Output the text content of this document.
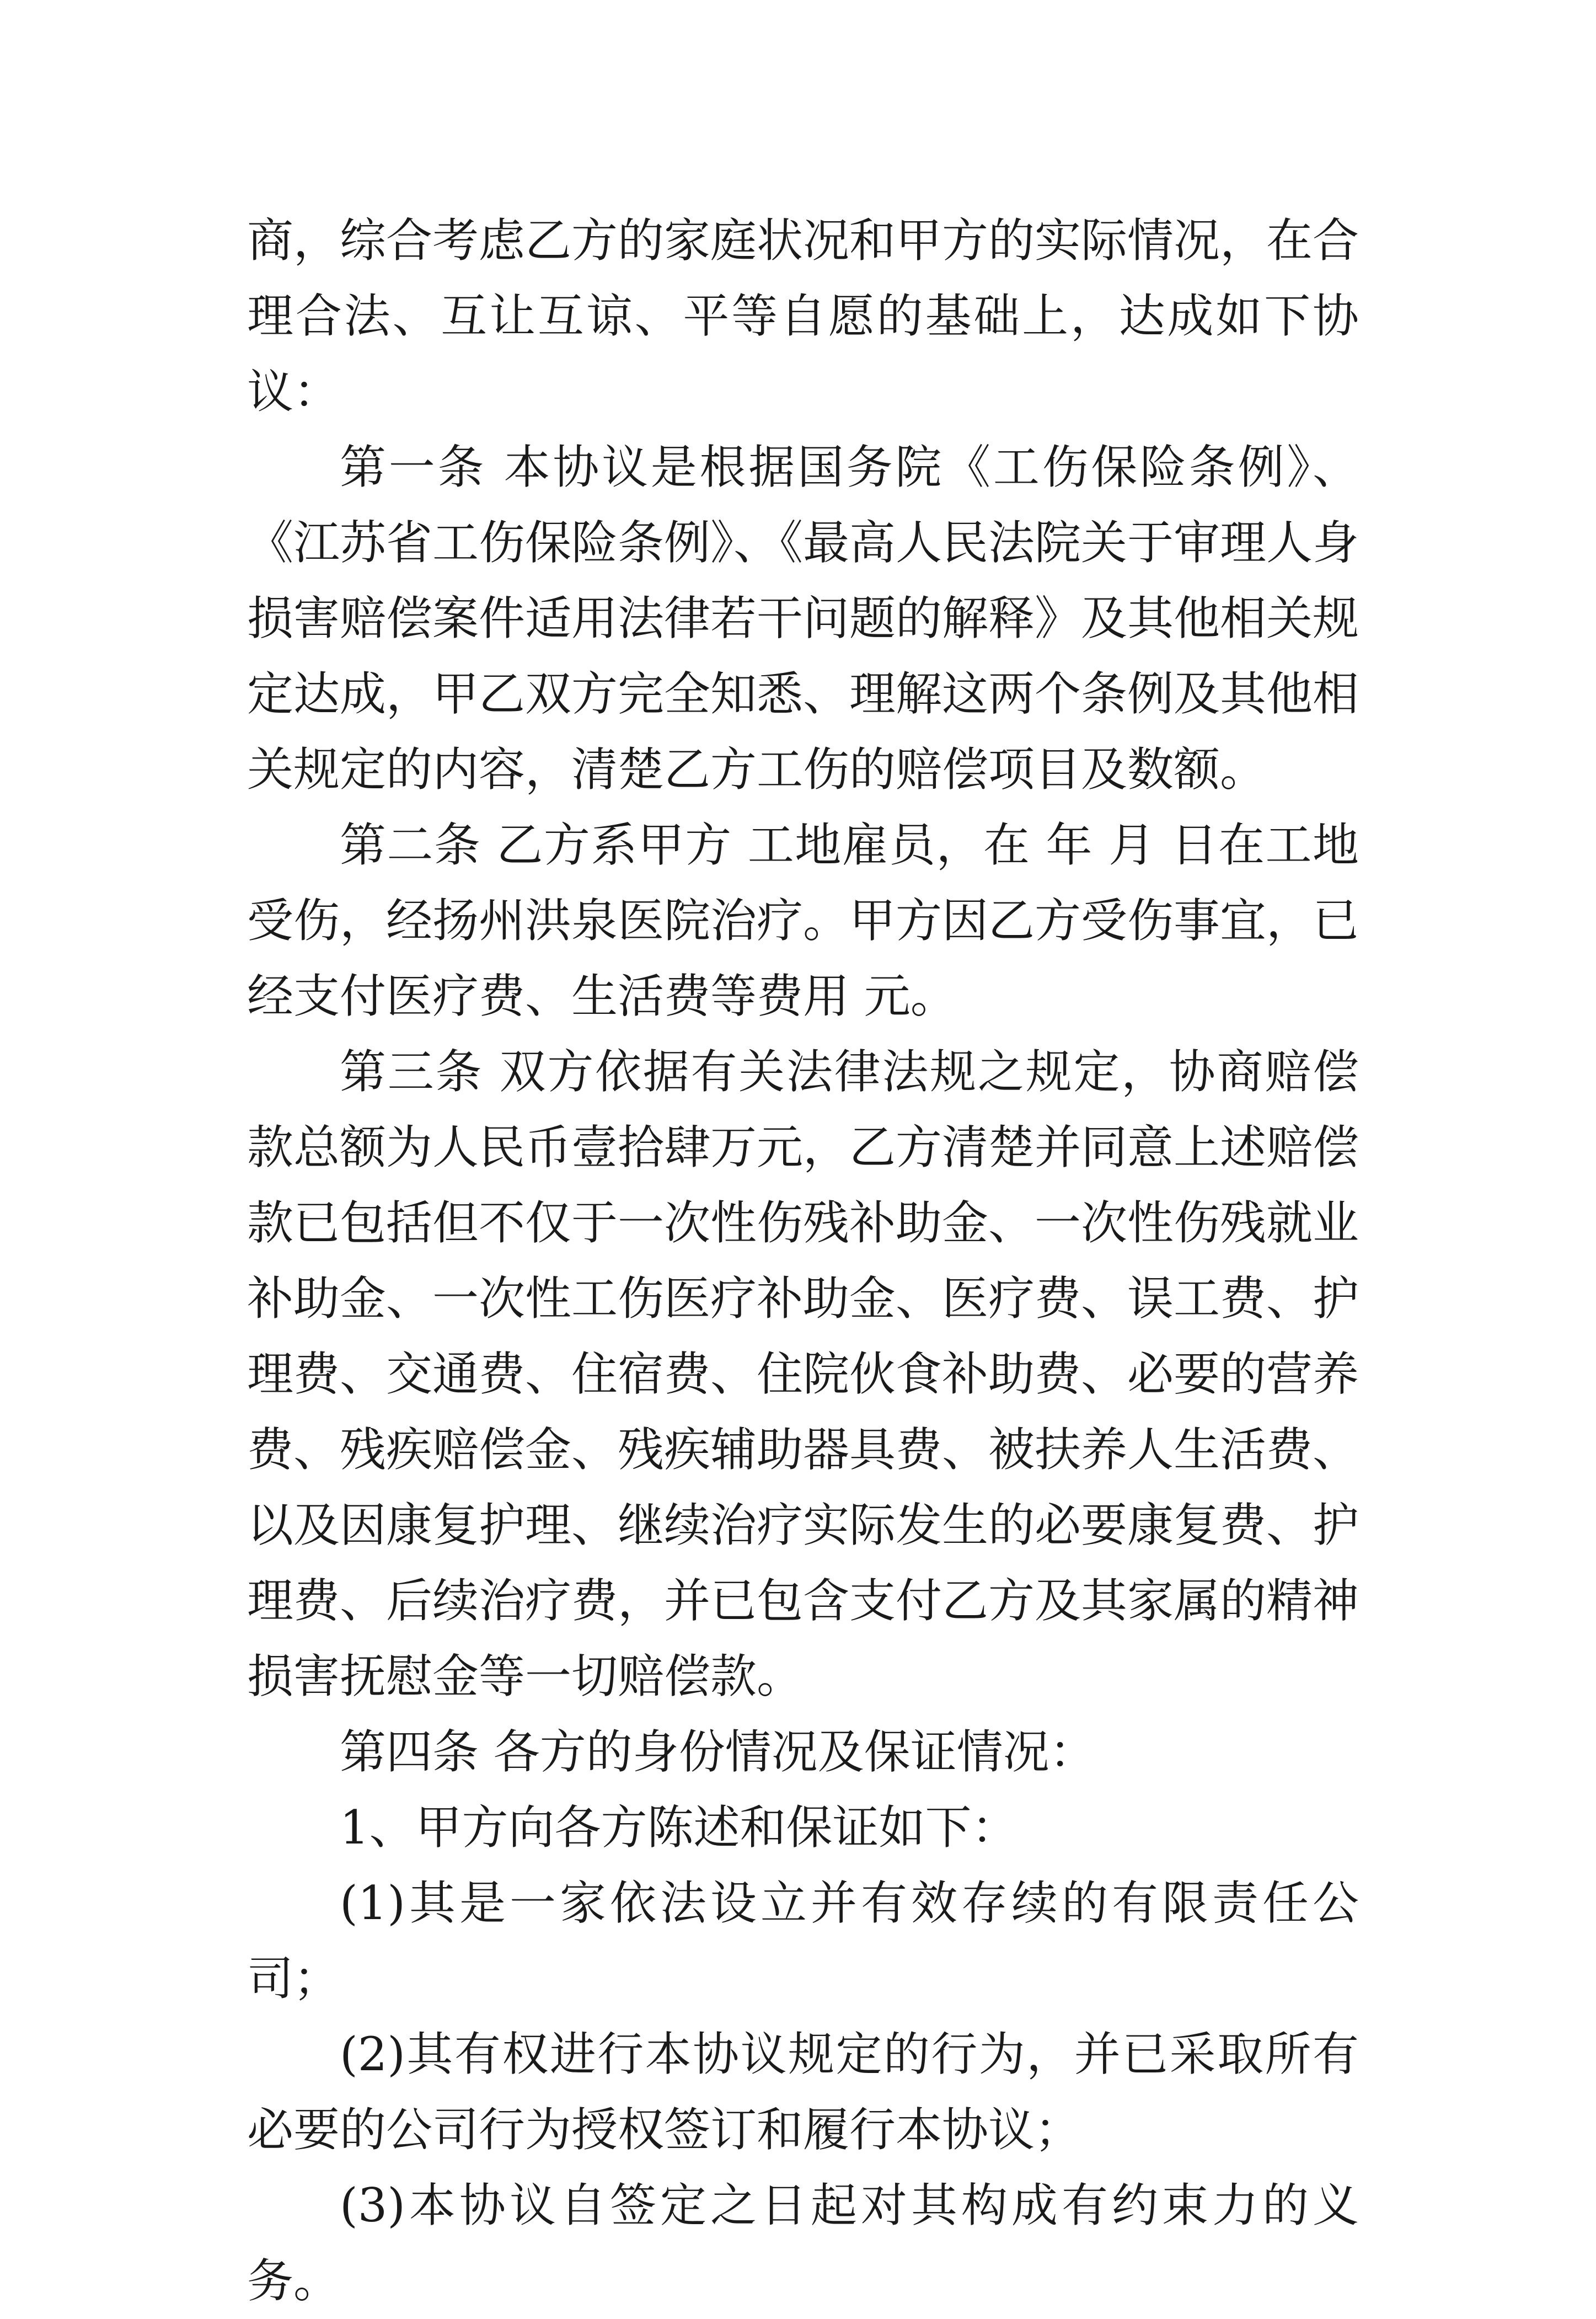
商，综合考虑乙方的家庭状况和甲方的实际情况，在合理合法、互让互谅、平等自愿的基础上，达成如下协议：

第一条 本协议是根据国务院《工伤保险条例》、《江苏省工伤保险条例》、《最高人民法院关于审理人身损害赔偿案件适用法律若干问题的解释》及其他相关规定达成，甲乙双方完全知悉、理解这两个条例及其他相关规定的内容，清楚乙方工伤的赔偿项目及数额。

第二条 乙方系甲方 工地雇员，在 年 月 日在工地受伤，经扬州洪泉医院治疗。甲方因乙方受伤事宜，已经支付医疗费、生活费等费用 元。

第三条 双方依据有关法律法规之规定，协商赔偿款总额为人民币壹拾肆万元，乙方清楚并同意上述赔偿款已包括但不仅于一次性伤残补助金、一次性伤残就业补助金、一次性工伤医疗补助金、医疗费、误工费、护理费、交通费、住宿费、住院伙食补助费、必要的营养费、残疾赔偿金、残疾辅助器具费、被扶养人生活费、以及因康复护理、继续治疗实际发生的必要康复费、护理费、后续治疗费，并已包含支付乙方及其家属的精神损害抚慰金等一切赔偿款。

第四条 各方的身份情况及保证情况：

1、甲方向各方陈述和保证如下：

(1)其是一家依法设立并有效存续的有限责任公司；

(2)其有权进行本协议规定的行为，并已采取所有必要的公司行为授权签订和履行本协议；

(3)本协议自签定之日起对其构成有约束力的义务。
